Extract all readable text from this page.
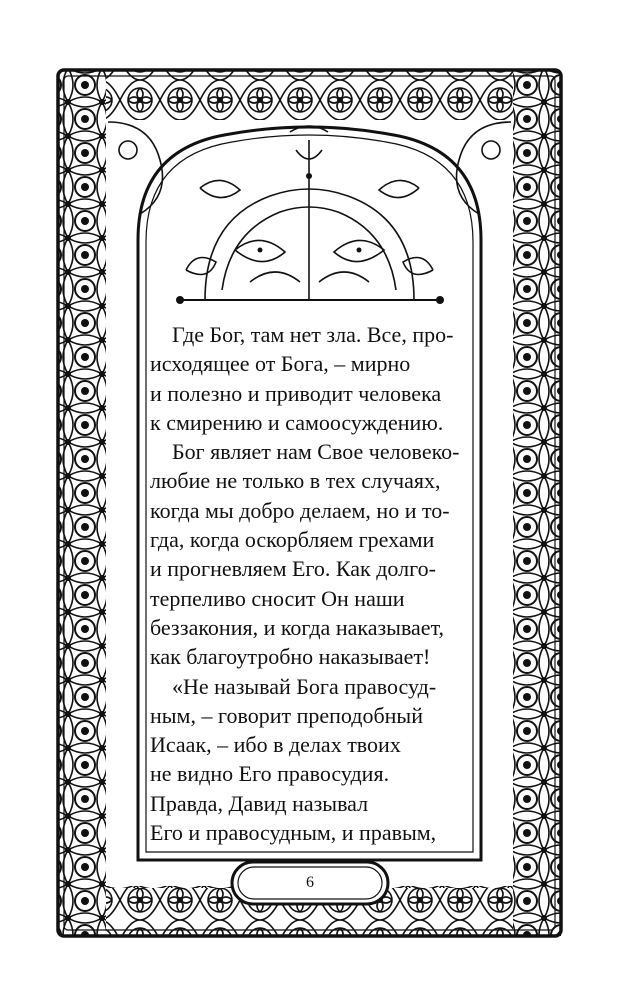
Где Бог, там нет зла. Все, про-
исходящее от Бога, – мирно
и полезно и приводит человека
к смирению и самоосуждению.
Бог являет нам Свое человеко-
любие не только в тех случаях,
когда мы добро делаем, но и то-
гда, когда оскорбляем грехами
и прогневляем Его. Как долго-
терпеливо сносит Он наши
беззакония, и когда наказывает,
как благоутробно наказывает!
«Не называй Бога правосуд-
ным, – говорит преподобный
Исаак, – ибо в делах твоих
не видно Его правосудия.
Правда, Давид называл
Его и правосудным, и правым,
6
